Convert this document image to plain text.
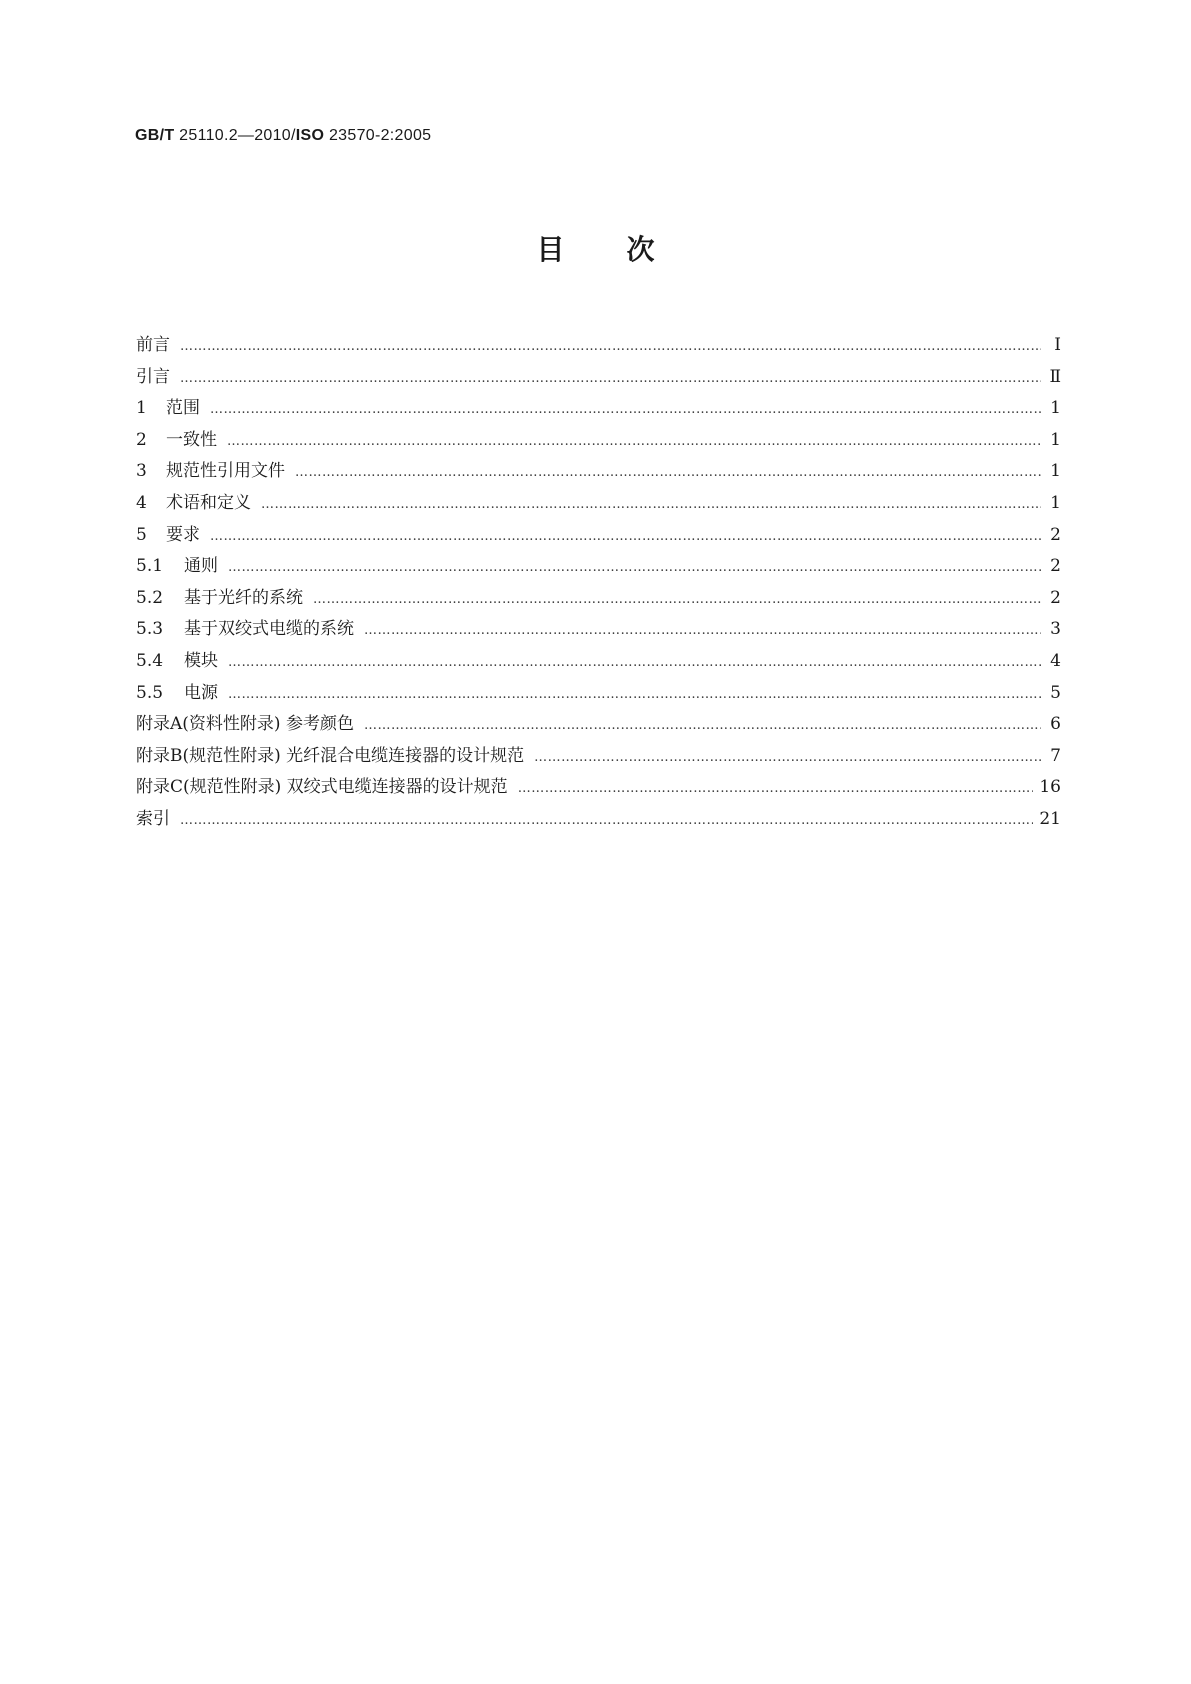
GB/T 25110.2—2010/ISO 23570-2:2005
目次
前言 …………………………………………………………………………………………………………………………………………………………………………………………………………………………………………	Ⅰ
引言 …………………………………………………………………………………………………………………………………………………………………………………………………………………………………………	Ⅱ
1	范围 …………………………………………………………………………………………………………………………………………………………………………………………………………………………………………	1
2	一致性 …………………………………………………………………………………………………………………………………………………………………………………………………………………………………………	1
3	规范性引用文件 …………………………………………………………………………………………………………………………………………………………………………………………………………………………………………	1
4	术语和定义 …………………………………………………………………………………………………………………………………………………………………………………………………………………………………………	1
5	要求 …………………………………………………………………………………………………………………………………………………………………………………………………………………………………………	2
5.1	通则 …………………………………………………………………………………………………………………………………………………………………………………………………………………………………………	2
5.2	基于光纤的系统 …………………………………………………………………………………………………………………………………………………………………………………………………………………………………………	2
5.3	基于双绞式电缆的系统 …………………………………………………………………………………………………………………………………………………………………………………………………………………………………………	3
5.4	模块 …………………………………………………………………………………………………………………………………………………………………………………………………………………………………………	4
5.5	电源 …………………………………………………………………………………………………………………………………………………………………………………………………………………………………………	5
附录A(资料性附录) 参考颜色 …………………………………………………………………………………………………………………………………………………………………………………………………………………………………………	6
附录B(规范性附录) 光纤混合电缆连接器的设计规范 …………………………………………………………………………………………………………………………………………………………………………………………………………………………………………	7
附录C(规范性附录) 双绞式电缆连接器的设计规范 …………………………………………………………………………………………………………………………………………………………………………………………………………………………………………	16
索引 …………………………………………………………………………………………………………………………………………………………………………………………………………………………………………	21
